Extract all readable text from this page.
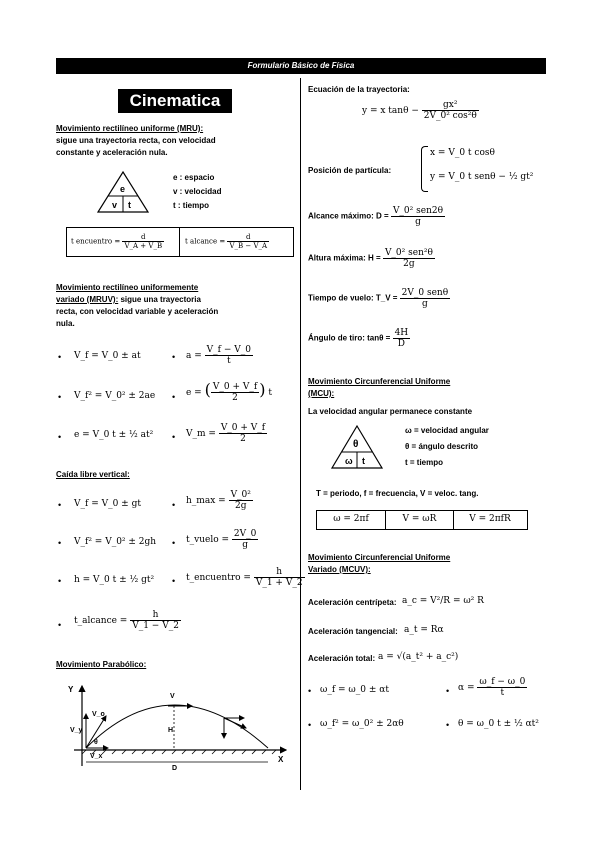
Formulario Básico de Física
Cinematica
Movimiento rectilíneo uniforme (MRU):
sigue una trayectoria recta, con velocidad
constante y aceleración nula.
e
v t
e : espacio
v : velocidad
t : tiempo
t encuentro = $\frac{d}{V\_A + V\_B}$	t alcance = $\frac{d}{V\_B - V\_A}$
Movimiento rectilíneo uniformemente
variado (MRUV): sigue una trayectoria
recta, con velocidad variable y aceleración
nula.
• V_f = V_0 ± at	• $a = \frac{V\_f - V\_0}{t}$
• V_f² = V_0² ± 2ae • e = ( $\frac{V\_0 + V\_f}{2}$ ) t
• e = V_0 t ± ½ at² • V_m = $\frac{V\_0 + V\_f}{2}$
Caída libre vertical:
• V_f = V_0 ± gt	• h_max = $\frac{\text{V\_0²}}{2g}$
• V_f² = V_0² ± 2gh • t_vuelo = $\frac{2V\_0}{g}$
• h = V_0 t ± ½ gt² • t_encuentro = $\frac{h}{V\_1 + V\_2}$
• t_alcance = $\frac{h}{V\_1 - V\_2}$
Movimiento Parabólico:
Y
X
V_o
V_y
V_x
θ
V
H
D
Ecuación de la trayectoria:
y = x $\tan\theta - \frac{\text{gx²}}{\text{2V\_0² cos²θ}}$
Posición de partícula:
x = V_0 t cosθ
y = V_0 t senθ − ½ gt²
Alcance máximo: $D = \frac{\text{V\_0² sen2θ}}{g}$
Altura máxima: $H = \frac{\text{V\_0² sen²θ}}{2g}$
Tiempo de vuelo: T_V = $\frac{\text{2V\_0 senθ}}{g}$
Ángulo de tiro: $\tan\theta = \frac{4H}{D}$
Movimiento Circunferencial Uniforme
(MCU):
La velocidad angular permanece constante
θ
ω t
ω = velocidad angular
θ = ángulo descrito
t = tiempo
T = periodo, f = frecuencia, V = veloc. tang.
ω = 2πf	V = ωR	V = 2πfR
Movimiento Circunferencial Uniforme
Variado (MCUV):
Aceleración centrípeta: a_c = V²/R = ω² R
Aceleración tangencial: a_t = Rα
Aceleración total: a = √(a_t² + a_c²)
• ω_f = ω_0 ± αt	• $\alpha = \frac{\omega\_f - \omega\_0}{t}$
• ω_f² = ω_0² ± 2αθ	• θ = ω_0 t ± ½ αt²
